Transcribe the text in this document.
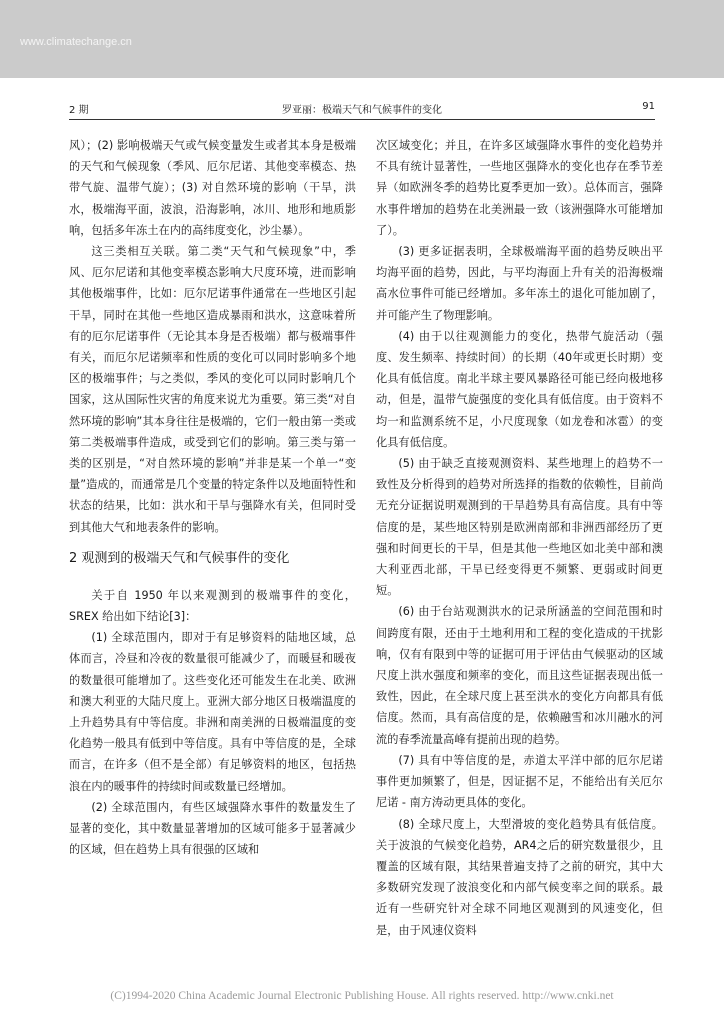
www.climatechange.cn
2 期	罗亚丽：极端天气和气候事件的变化	91

风）；(2) 影响极端天气或气候变量发生或者其本身是极端的天气和气候现象（季风、厄尔尼诺、其他变率模态、热带气旋、温带气旋）；(3) 对自然环境的影响（干旱，洪水，极端海平面，波浪，沿海影响，冰川、地形和地质影响，包括多年冻土在内的高纬度变化，沙尘暴）。

这三类相互关联。第二类“天气和气候现象”中，季风、厄尔尼诺和其他变率模态影响大尺度环境，进而影响其他极端事件，比如：厄尔尼诺事件通常在一些地区引起干旱，同时在其他一些地区造成暴雨和洪水，这意味着所有的厄尔尼诺事件（无论其本身是否极端）都与极端事件有关，而厄尔尼诺频率和性质的变化可以同时影响多个地区的极端事件；与之类似，季风的变化可以同时影响几个国家，这从国际性灾害的角度来说尤为重要。第三类“对自然环境的影响”其本身往往是极端的，它们一般由第一类或第二类极端事件造成，或受到它们的影响。第三类与第一类的区别是，“对自然环境的影响”并非是某一个单一“变量”造成的，而通常是几个变量的特定条件以及地面特性和状态的结果，比如：洪水和干旱与强降水有关，但同时受到其他大气和地表条件的影响。

2 观测到的极端天气和气候事件的变化

关于自 1950 年以来观测到的极端事件的变化，SREX 给出如下结论[3]：

(1) 全球范围内，即对于有足够资料的陆地区域，总体而言，冷昼和冷夜的数量很可能减少了，而暖昼和暖夜的数量很可能增加了。这些变化还可能发生在北美、欧洲和澳大利亚的大陆尺度上。亚洲大部分地区日极端温度的上升趋势具有中等信度。非洲和南美洲的日极端温度的变化趋势一般具有低到中等信度。具有中等信度的是，全球而言，在许多（但不是全部）有足够资料的地区，包括热浪在内的暖事件的持续时间或数量已经增加。

(2) 全球范围内，有些区域强降水事件的数量发生了显著的变化，其中数量显著增加的区域可能多于显著减少的区域，但在趋势上具有很强的区域和

次区域变化；并且，在许多区域强降水事件的变化趋势并不具有统计显著性，一些地区强降水的变化也存在季节差异（如欧洲冬季的趋势比夏季更加一致）。总体而言，强降水事件增加的趋势在北美洲最一致（该洲强降水可能增加了）。

(3) 更多证据表明，全球极端海平面的趋势反映出平均海平面的趋势，因此，与平均海面上升有关的沿海极端高水位事件可能已经增加。多年冻土的退化可能加剧了，并可能产生了物理影响。

(4) 由于以往观测能力的变化，热带气旋活动（强度、发生频率、持续时间）的长期（40年或更长时期）变化具有低信度。南北半球主要风暴路径可能已经向极地移动，但是，温带气旋强度的变化具有低信度。由于资料不均一和监测系统不足，小尺度现象（如龙卷和冰雹）的变化具有低信度。

(5) 由于缺乏直接观测资料、某些地理上的趋势不一致性及分析得到的趋势对所选择的指数的依赖性，目前尚无充分证据说明观测到的干旱趋势具有高信度。具有中等信度的是，某些地区特别是欧洲南部和非洲西部经历了更强和时间更长的干旱，但是其他一些地区如北美中部和澳大利亚西北部，干旱已经变得更不频繁、更弱或时间更短。

(6) 由于台站观测洪水的记录所涵盖的空间范围和时间跨度有限，还由于土地利用和工程的变化造成的干扰影响，仅有有限到中等的证据可用于评估由气候驱动的区域尺度上洪水强度和频率的变化，而且这些证据表现出低一致性，因此，在全球尺度上甚至洪水的变化方向都具有低信度。然而，具有高信度的是，依赖融雪和冰川融水的河流的春季流量高峰有提前出现的趋势。

(7) 具有中等信度的是，赤道太平洋中部的厄尔尼诺事件更加频繁了，但是，因证据不足，不能给出有关厄尔尼诺 - 南方涛动更具体的变化。

(8) 全球尺度上，大型滑坡的变化趋势具有低信度。关于波浪的气候变化趋势，AR4之后的研究数量很少，且覆盖的区域有限，其结果普遍支持了之前的研究，其中大多数研究发现了波浪变化和内部气候变率之间的联系。最近有一些研究针对全球不同地区观测到的风速变化，但是，由于风速仪资料

(C)1994-2020 China Academic Journal Electronic Publishing House. All rights reserved. http://www.cnki.net
